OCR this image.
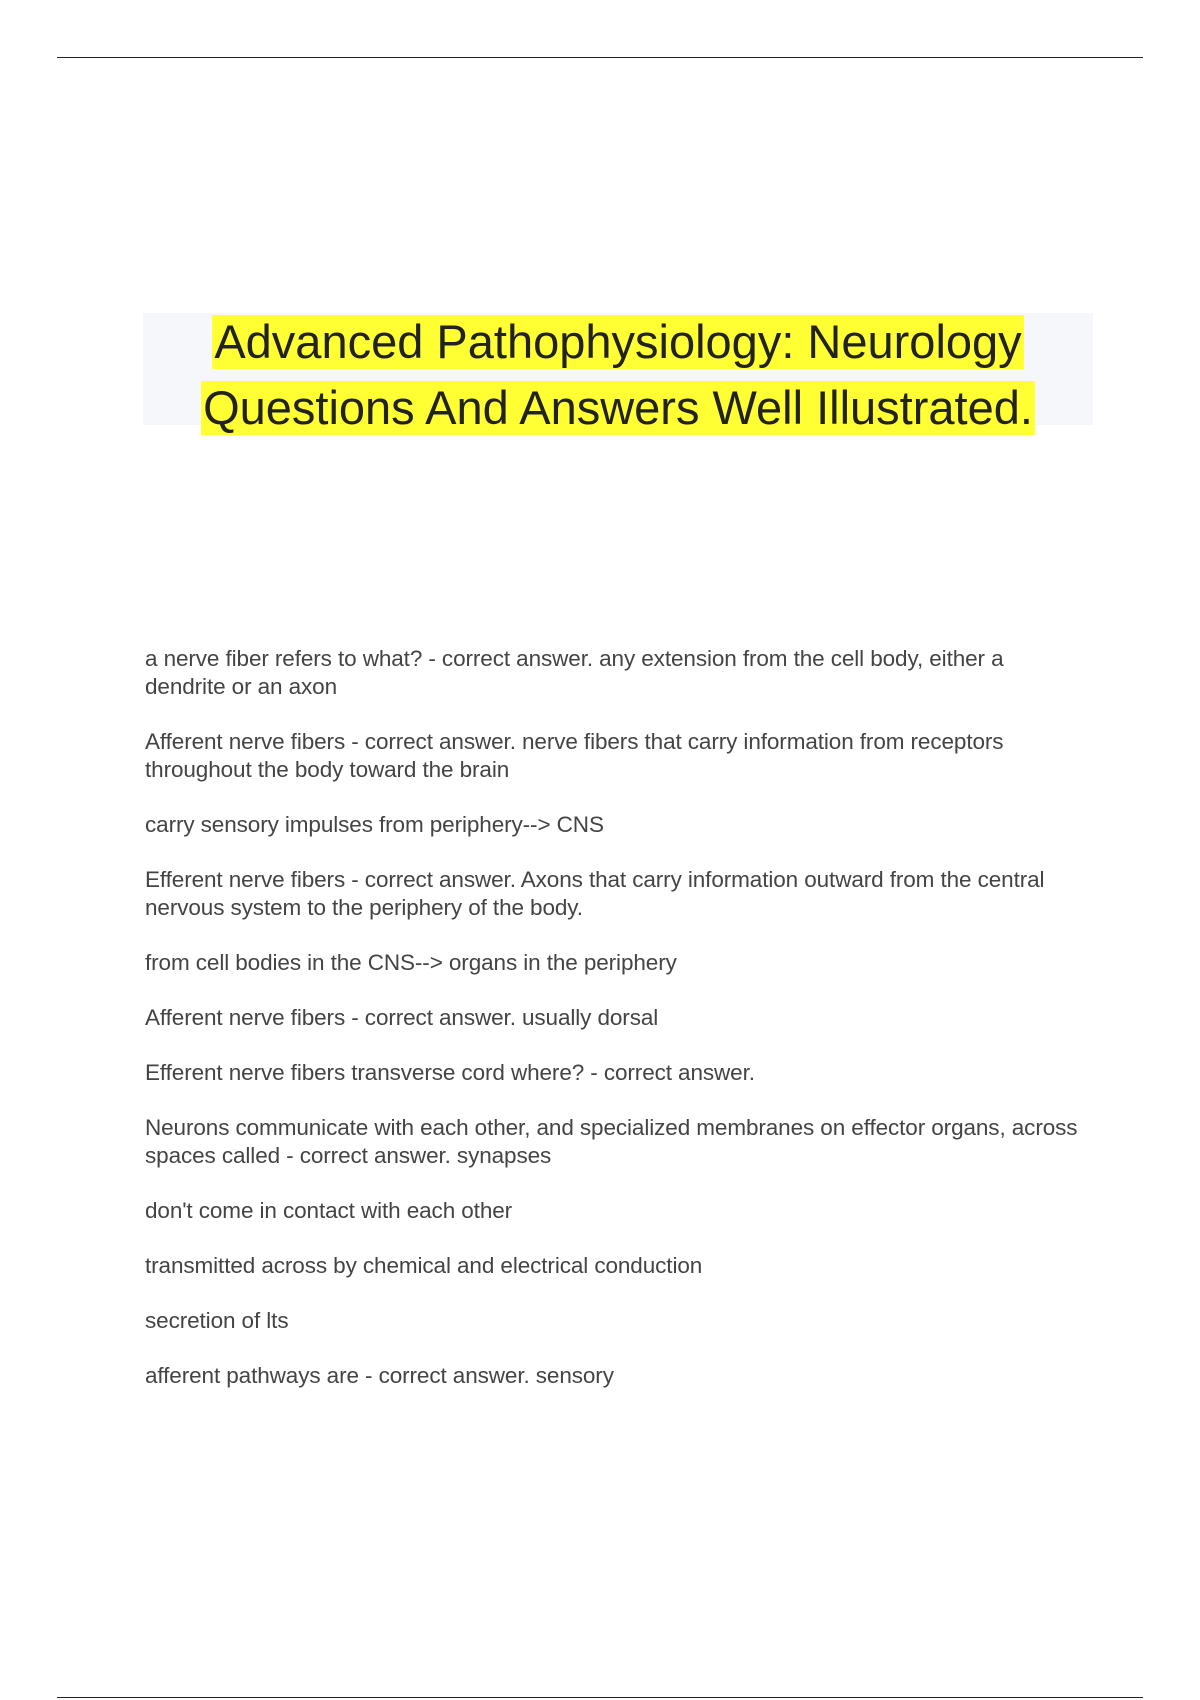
Advanced Pathophysiology: Neurology
Questions And Answers Well Illustrated.

a nerve fiber refers to what? - correct answer. any extension from the cell body, either a dendrite or an axon

Afferent nerve fibers - correct answer. nerve fibers that carry information from receptors throughout the body toward the brain

carry sensory impulses from periphery--> CNS

Efferent nerve fibers - correct answer. Axons that carry information outward from the central nervous system to the periphery of the body.

from cell bodies in the CNS--> organs in the periphery

Afferent nerve fibers - correct answer. usually dorsal

Efferent nerve fibers transverse cord where? - correct answer.

Neurons communicate with each other, and specialized membranes on effector organs, across spaces called - correct answer. synapses

don't come in contact with each other

transmitted across by chemical and electrical conduction

secretion of lts

afferent pathways are - correct answer. sensory
